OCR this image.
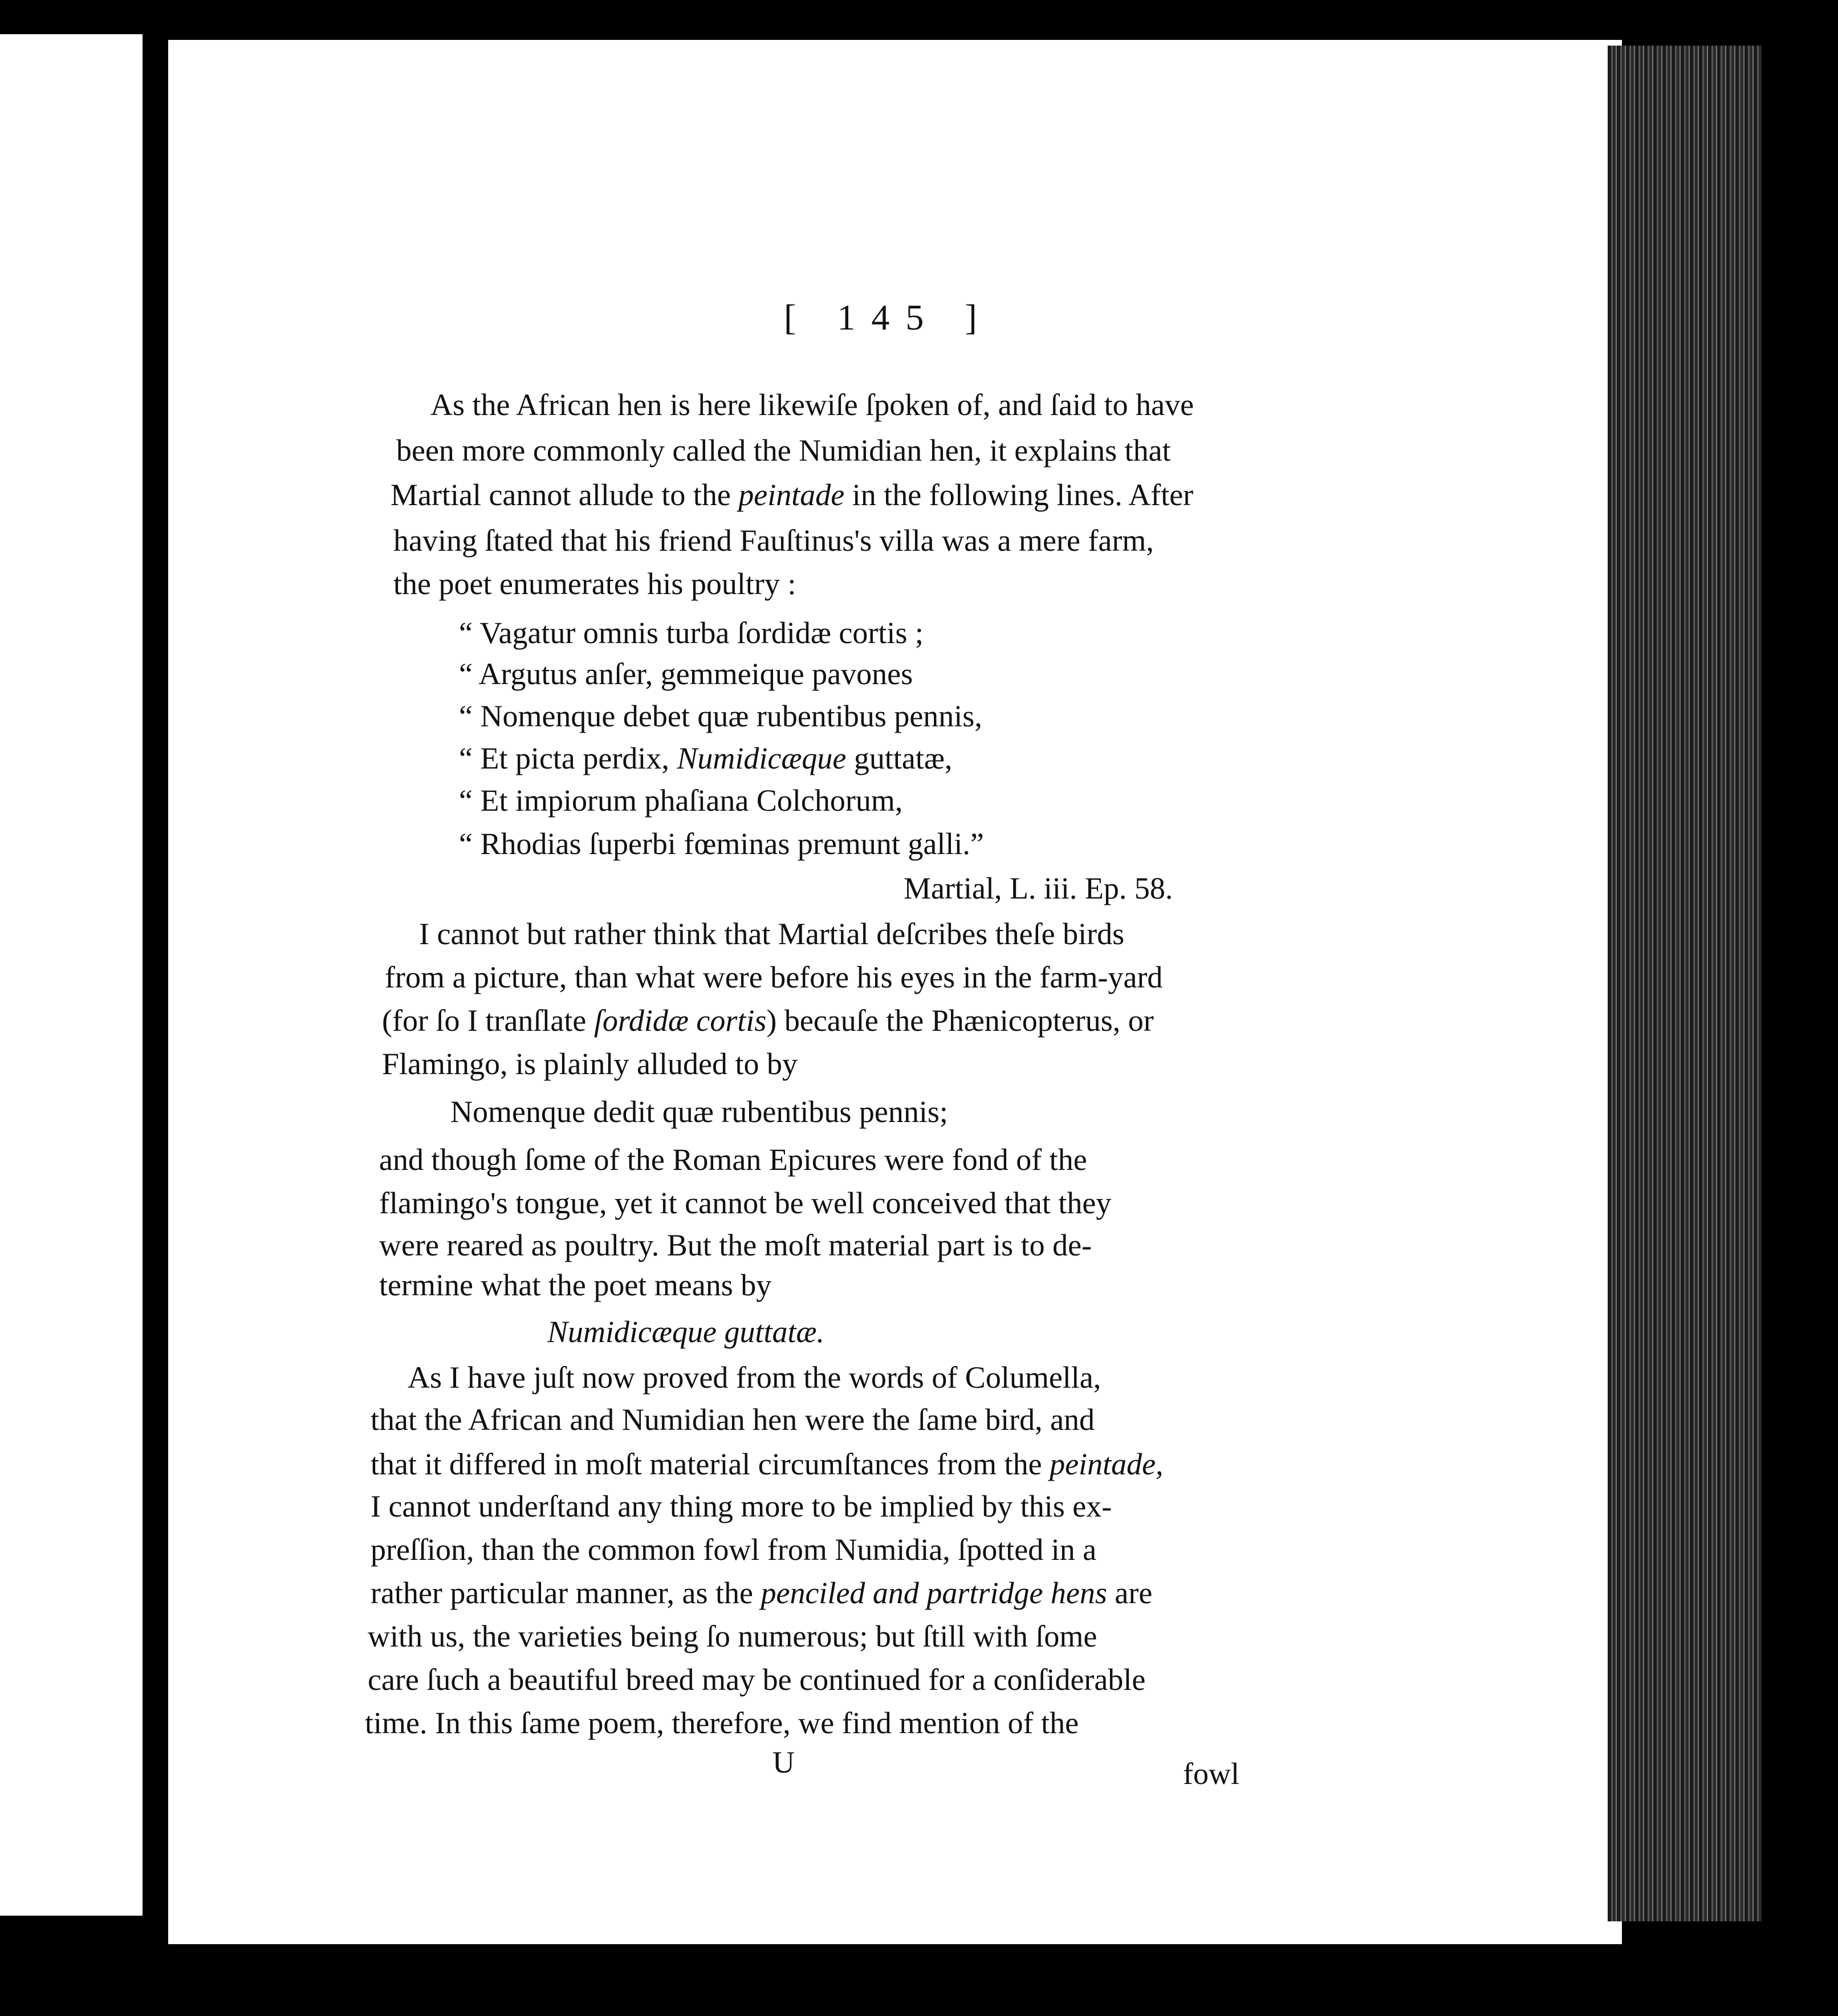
[ 145 ]
As the African hen is here likewiſe ſpoken of, and ſaid to have
been more commonly called the Numidian hen, it explains that
Martial cannot allude to the peintade in the following lines. After
having ſtated that his friend Fauſtinus's villa was a mere farm,
the poet enumerates his poultry :
“ Vagatur omnis turba ſordidæ cortis ;
“ Argutus anſer, gemmeique pavones
“ Nomenque debet quæ rubentibus pennis,
“ Et picta perdix, Numidicæque guttatæ,
“ Et impiorum phaſiana Colchorum,
“ Rhodias ſuperbi fœminas premunt galli.”
Martial, L. iii. Ep. 58.
I cannot but rather think that Martial deſcribes theſe birds
from a picture, than what were before his eyes in the farm-yard
(for ſo I tranſlate ſordidæ cortis) becauſe the Phænicopterus, or
Flamingo, is plainly alluded to by
Nomenque dedit quæ rubentibus pennis;
and though ſome of the Roman Epicures were fond of the
flamingo's tongue, yet it cannot be well conceived that they
were reared as poultry. But the moſt material part is to de-
termine what the poet means by
Numidicæque guttatæ.
As I have juſt now proved from the words of Columella,
that the African and Numidian hen were the ſame bird, and
that it differed in moſt material circumſtances from the peintade,
I cannot underſtand any thing more to be implied by this ex-
preſſion, than the common fowl from Numidia, ſpotted in a
rather particular manner, as the penciled and partridge hens are
with us, the varieties being ſo numerous; but ſtill with ſome
care ſuch a beautiful breed may be continued for a conſiderable
time. In this ſame poem, therefore, we find mention of the
U	fowl
